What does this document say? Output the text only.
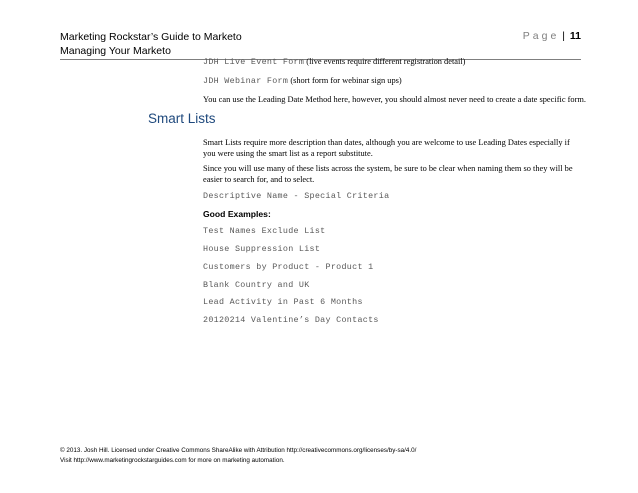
Marketing Rockstar’s Guide to Marketo
Managing Your Marketo
Page | 11
JDH Live Event Form (live events require different registration detail)
JDH Webinar Form (short form for webinar sign ups)
You can use the Leading Date Method here, however, you should almost never need to create a date specific form.
Smart Lists
Smart Lists require more description than dates, although you are welcome to use Leading Dates especially if you were using the smart list as a report substitute.
Since you will use many of these lists across the system, be sure to be clear when naming them so they will be easier to search for, and to select.
Descriptive Name - Special Criteria
Good Examples:
Test Names Exclude List
House Suppression List
Customers by Product - Product 1
Blank Country and UK
Lead Activity in Past 6 Months
20120214 Valentine’s Day Contacts
© 2013. Josh Hill. Licensed under Creative Commons ShareAlike with Attribution http://creativecommons.org/licenses/by-sa/4.0/
Visit http://www.marketingrockstarguides.com for more on marketing automation.
